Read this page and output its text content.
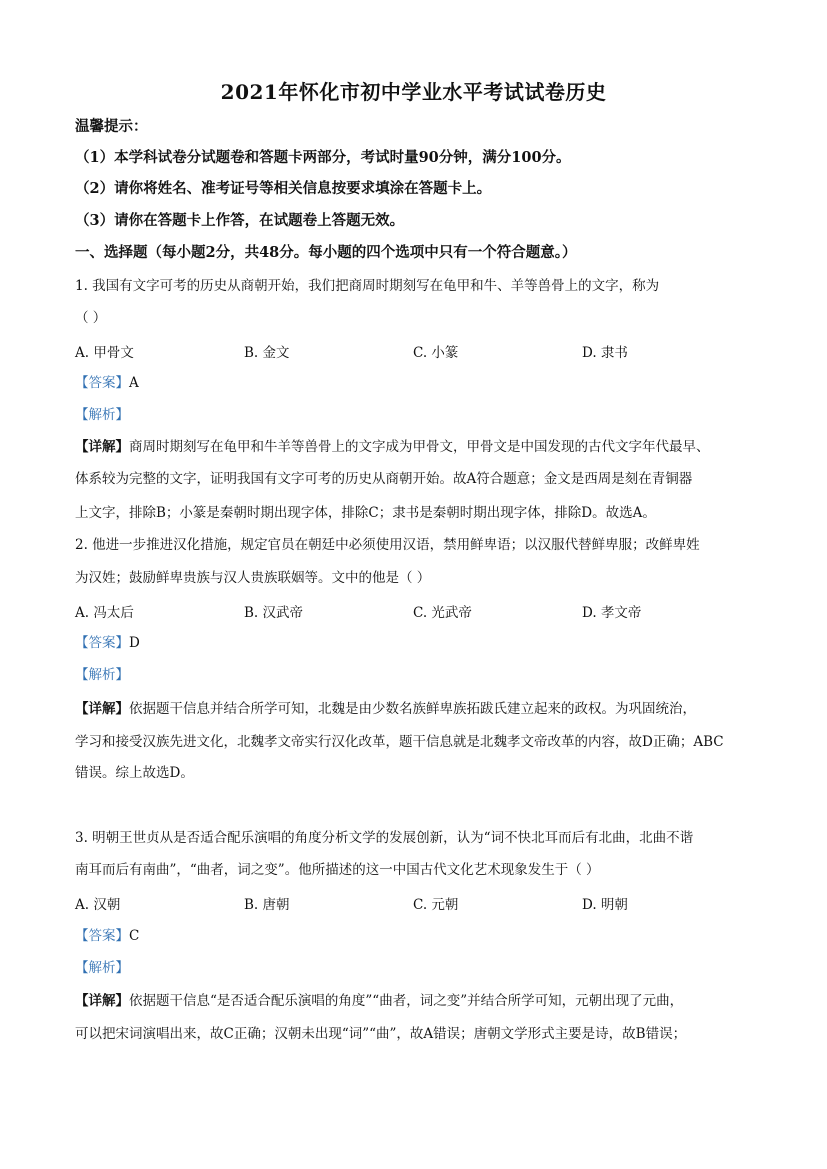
2021年怀化市初中学业水平考试试卷历史
温馨提示：
（1）本学科试卷分试题卷和答题卡两部分，考试时量90分钟，满分100分。
（2）请你将姓名、准考证号等相关信息按要求填涂在答题卡上。
（3）请你在答题卡上作答，在试题卷上答题无效。
一、选择题（每小题2分，共48分。每小题的四个选项中只有一个符合题意。）
1. 我国有文字可考的历史从商朝开始，我们把商周时期刻写在龟甲和牛、羊等兽骨上的文字，称为
（ ）
A. 甲骨文	B. 金文	C. 小篆	D. 隶书
【答案】A
【解析】
【详解】商周时期刻写在龟甲和牛羊等兽骨上的文字成为甲骨文，甲骨文是中国发现的古代文字年代最早、
体系较为完整的文字，证明我国有文字可考的历史从商朝开始。故A符合题意；金文是西周是刻在青铜器
上文字，排除B；小篆是秦朝时期出现字体，排除C；隶书是秦朝时期出现字体，排除D。故选A。
2. 他进一步推进汉化措施，规定官员在朝廷中必须使用汉语，禁用鲜卑语；以汉服代替鲜卑服；改鲜卑姓
为汉姓；鼓励鲜卑贵族与汉人贵族联姻等。文中的他是（ ）
A. 冯太后	B. 汉武帝	C. 光武帝	D. 孝文帝
【答案】D
【解析】
【详解】依据题干信息并结合所学可知，北魏是由少数名族鲜卑族拓跋氏建立起来的政权。为巩固统治，
学习和接受汉族先进文化，北魏孝文帝实行汉化改革，题干信息就是北魏孝文帝改革的内容，故D正确；ABC
错误。综上故选D。
3. 明朝王世贞从是否适合配乐演唱的角度分析文学的发展创新，认为“词不快北耳而后有北曲，北曲不谐
南耳而后有南曲”，“曲者，词之变”。他所描述的这一中国古代文化艺术现象发生于（ ）
A. 汉朝	B. 唐朝	C. 元朝	D. 明朝
【答案】C
【解析】
【详解】依据题干信息“是否适合配乐演唱的角度”“曲者，词之变”并结合所学可知，元朝出现了元曲，
可以把宋词演唱出来，故C正确；汉朝未出现“词”“曲”，故A错误；唐朝文学形式主要是诗，故B错误；
